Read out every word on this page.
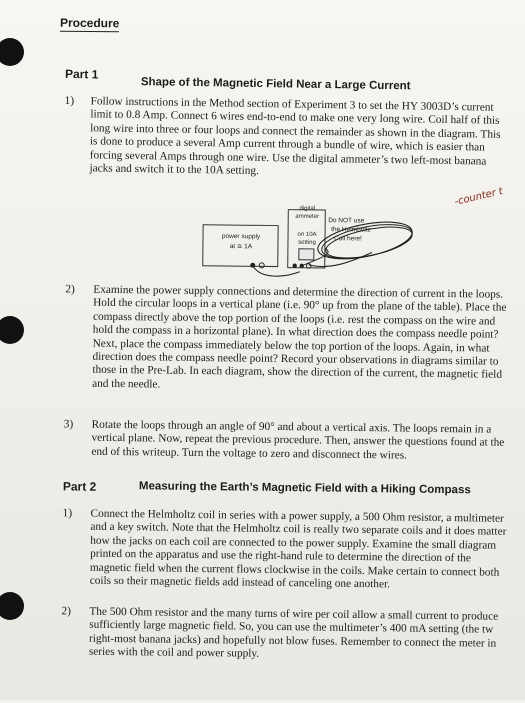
Procedure
Part 1
Shape of the Magnetic Field Near a Large Current
1) Follow instructions in the Method section of Experiment 3 to set the HY 3003D’s current limit to 0.8 Amp. Connect 6 wires end-to-end to make one very long wire. Coil half of this long wire into three or four loops and connect the remainder as shown in the diagram. This is done to produce a several Amp current through a bundle of wire, which is easier than forcing several Amps through one wire. Use the digital ammeter’s two left-most banana jacks and switch it to the 10A setting.
-counter t
power supply
at ≅ 1A
digital
ammeter
on 10A
setting
Do NOT use
the Helmholtz
Coil here!
2) Examine the power supply connections and determine the direction of current in the loops. Hold the circular loops in a vertical plane (i.e. 90° up from the plane of the table). Place the compass directly above the top portion of the loops (i.e. rest the compass on the wire and hold the compass in a horizontal plane). In what direction does the compass needle point? Next, place the compass immediately below the top portion of the loops. Again, in what direction does the compass needle point? Record your observations in diagrams similar to those in the Pre-Lab. In each diagram, show the direction of the current, the magnetic field and the needle.
3) Rotate the loops through an angle of 90° and about a vertical axis. The loops remain in a vertical plane. Now, repeat the previous procedure. Then, answer the questions found at the end of this writeup. Turn the voltage to zero and disconnect the wires.
Part 2	Measuring the Earth’s Magnetic Field with a Hiking Compass
1) Connect the Helmholtz coil in series with a power supply, a 500 Ohm resistor, a multimeter and a key switch. Note that the Helmholtz coil is really two separate coils and it does matter how the jacks on each coil are connected to the power supply. Examine the small diagram printed on the apparatus and use the right-hand rule to determine the direction of the magnetic field when the current flows clockwise in the coils. Make certain to connect both coils so their magnetic fields add instead of canceling one another.
2) The 500 Ohm resistor and the many turns of wire per coil allow a small current to produce sufficiently large magnetic field. So, you can use the multimeter’s 400 mA setting (the tw right-most banana jacks) and hopefully not blow fuses. Remember to connect the meter in series with the coil and power supply.
